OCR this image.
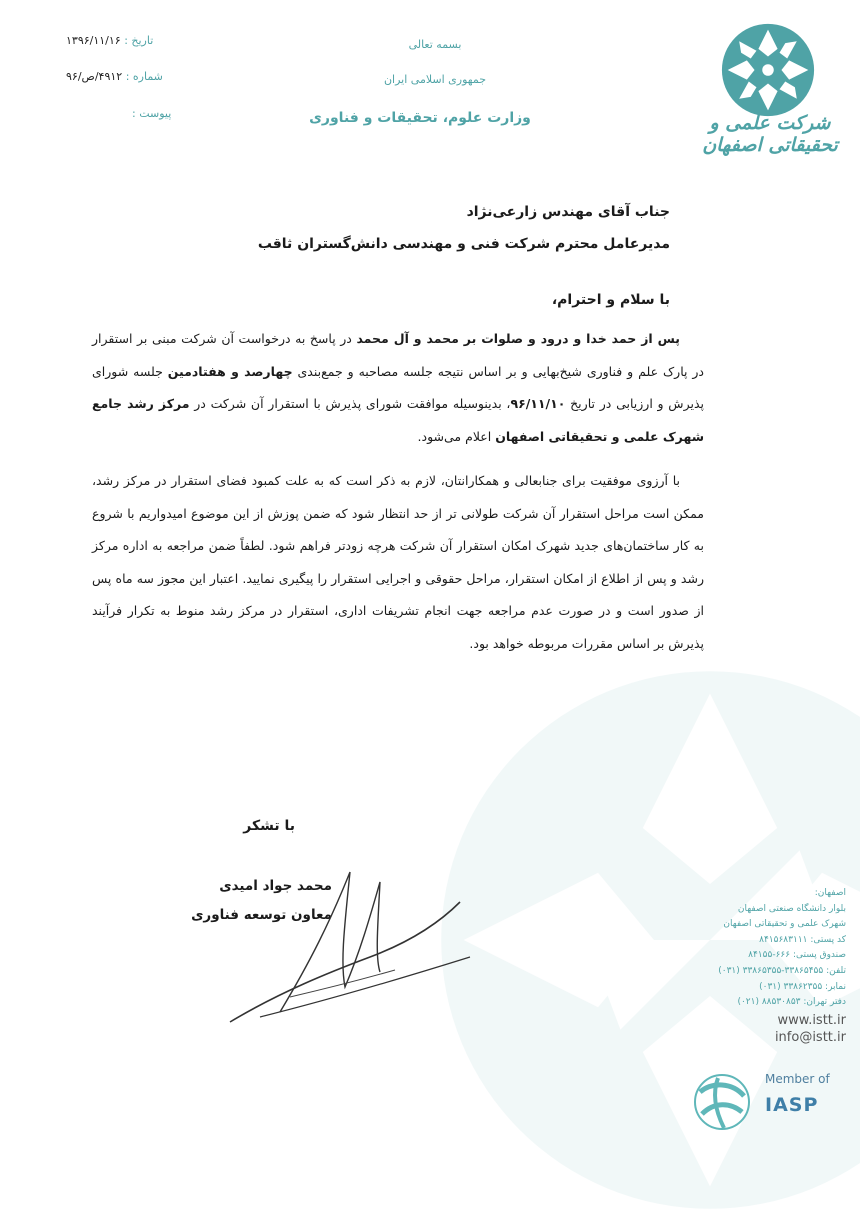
شرکت علمی و تحقیقاتی اصفهان
بسمه تعالی
جمهوری اسلامی ایران
وزارت علوم، تحقیقات و فناوری
تاریخ : ۱۳۹۶/۱۱/۱۶
شماره : ۴۹۱۲/ص/۹۶
پیوست :
جناب آقای مهندس زارعی‌نژاد
مدیرعامل محترم شرکت فنی و مهندسی دانش‌گستران ثاقب
با سلام و احترام،
پس از حمد خدا و درود و صلوات بر محمد و آل محمد در پاسخ به درخواست آن شرکت مبنی بر استقرار در پارک علم و فناوری شیخ‌بهایی و بر اساس نتیجه جلسه مصاحبه و جمع‌بندی چهارصد و هفتادمین جلسه شورای پذیرش و ارزیابی در تاریخ ۹۶/۱۱/۱۰، بدینوسیله موافقت شورای پذیرش با استقرار آن شرکت در مرکز رشد جامع شهرک علمی و تحقیقاتی اصفهان اعلام می‌شود.
با آرزوی موفقیت برای جنابعالی و همکارانتان، لازم به ذکر است که به علت کمبود فضای استقرار در مرکز رشد، ممکن است مراحل استقرار آن شرکت طولانی تر از حد انتظار شود که ضمن پوزش از این موضوع امیدواریم با شروع به کار ساختمان‌های جدید شهرک امکان استقرار آن شرکت هرچه زودتر فراهم شود. لطفاً ضمن مراجعه به اداره مرکز رشد و پس از اطلاع از امکان استقرار، مراحل حقوقی و اجرایی استقرار را پیگیری نمایید. اعتبار این مجوز سه ماه پس از صدور است و در صورت عدم مراجعه جهت انجام تشریفات اداری، استقرار در مرکز رشد منوط به تکرار فرآیند پذیرش بر اساس مقررات مربوطه خواهد بود.
با تشکر
محمد جواد امیدی
معاون توسعه فناوری
اصفهان:
بلوار دانشگاه صنعتی اصفهان
شهرک علمی و تحقیقاتی اصفهان
کد پستی: ۸۴۱۵۶۸۳۱۱۱
صندوق پستی: ۶۶۶-۸۴۱۵۵
تلفن: ۳۳۸۶۵۴۵۵-۳۳۸۶۵۳۵۵ (۰۳۱)
نمابر: ۳۳۸۶۲۳۵۵ (۰۳۱)
دفتر تهران: ۸۸۵۳۰۸۵۳ (۰۲۱)
www.istt.ir
info@istt.ir
Member of
IASP
